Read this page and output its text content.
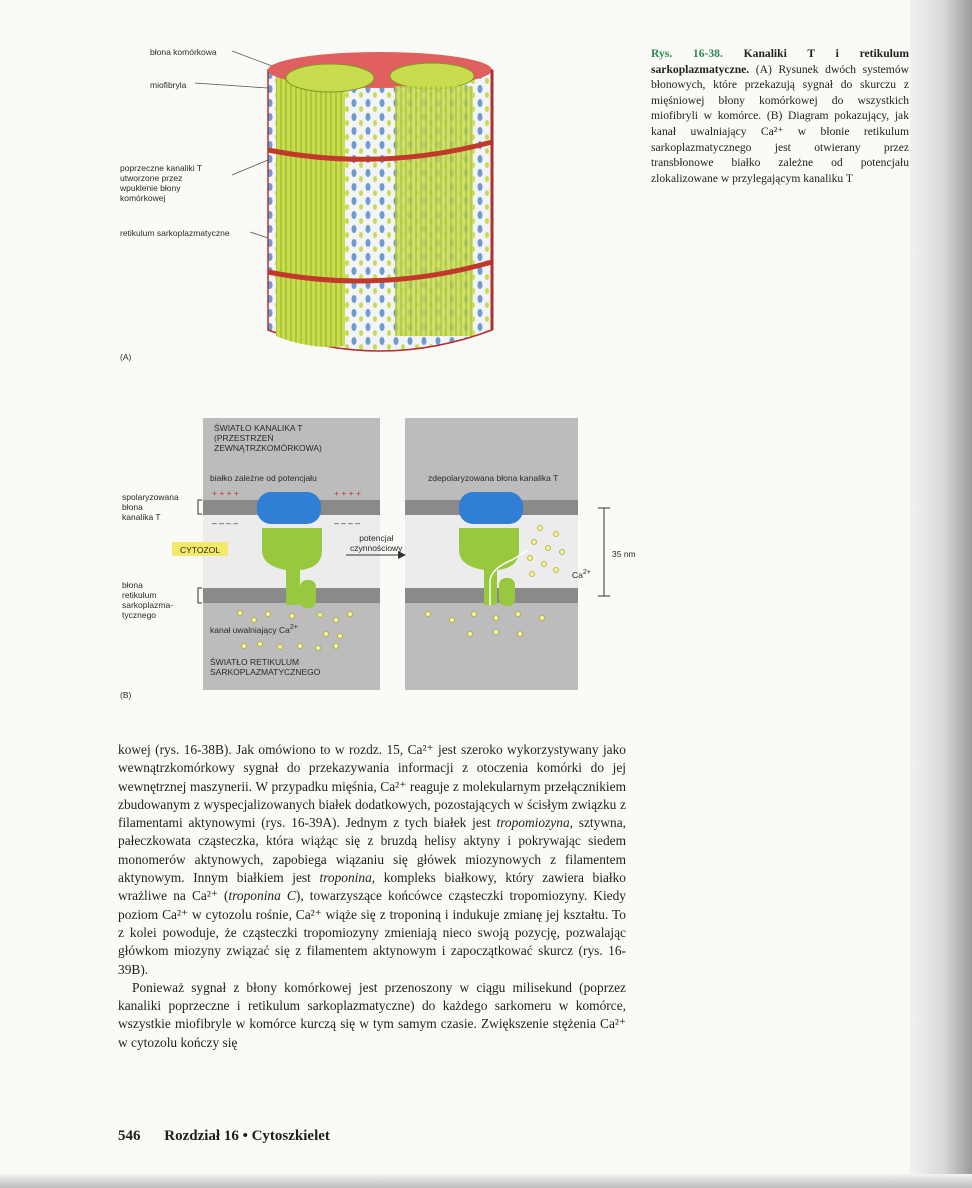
błona komórkowa
miofibryla
poprzeczne kanaliki T
utworzone przez
wpuklenie błony
komórkowej
retikulum sarkoplazmatyczne
(A)
ŚWIATŁO KANALIKA T
(PRZESTRZEŃ
ZEWNĄTRZKOMÓRKOWA)
białko zależne od potencjału	zdepolaryzowana błona kanalika T
+ + + +	+ + + +
– – – –	– – – –
spolaryzowana
błona
kanalika T
CYTOZOL
potencjał
czynnościowy
35 nm
$Ca^{2+}$
błona
retikulum
sarkoplazma-
tycznego
kanał uwalniający $Ca^{2+}$
ŚWIATŁO RETIKULUM
SARKOPLAZMATYCZNEGO
(B)
Rys. 16-38. Kanaliki T i retikulum sarkoplazmatyczne. (A) Rysunek dwóch systemów błonowych, które przekazują sygnał do skurczu z mięśniowej błony komórkowej do wszystkich miofibryli w komórce. (B) Diagram pokazujący, jak kanał uwalniający Ca²⁺ w błonie retikulum sarkoplazmatycznego jest otwierany przez transbłonowe białko zależne od potencjału zlokalizowane w przylegającym kanaliku T

kowej (rys. 16-38B). Jak omówiono to w rozdz. 15, Ca²⁺ jest szeroko wykorzystywany jako wewnątrzkomórkowy sygnał do przekazywania informacji z otoczenia komórki do jej wewnętrznej maszynerii. W przypadku mięśnia, Ca²⁺ reaguje z molekularnym przełącznikiem zbudowanym z wyspecjalizowanych białek dodatkowych, pozostających w ścisłym związku z filamentami aktynowymi (rys. 16-39A). Jednym z tych białek jest tropomiozyna, sztywna, pałeczkowata cząsteczka, która wiążąc się z bruzdą helisy aktyny i pokrywając siedem monomerów aktynowych, zapobiega wiązaniu się główek miozynowych z filamentem aktynowym. Innym białkiem jest troponina, kompleks białkowy, który zawiera białko wrażliwe na Ca²⁺ (troponina C), towarzyszące końcówce cząsteczki tropomiozyny. Kiedy poziom Ca²⁺ w cytozolu rośnie, Ca²⁺ wiąże się z troponiną i indukuje zmianę jej kształtu. To z kolei powoduje, że cząsteczki tropomiozyny zmieniają nieco swoją pozycję, pozwalając główkom miozyny związać się z filamentem aktynowym i zapoczątkować skurcz (rys. 16-39B).

Ponieważ sygnał z błony komórkowej jest przenoszony w ciągu milisekund (poprzez kanaliki poprzeczne i retikulum sarkoplazmatyczne) do każdego sarkomeru w komórce, wszystkie miofibryle w komórce kurczą się w tym samym czasie. Zwiększenie stężenia Ca²⁺ w cytozolu kończy się

546 Rozdział 16 • Cytoszkielet
